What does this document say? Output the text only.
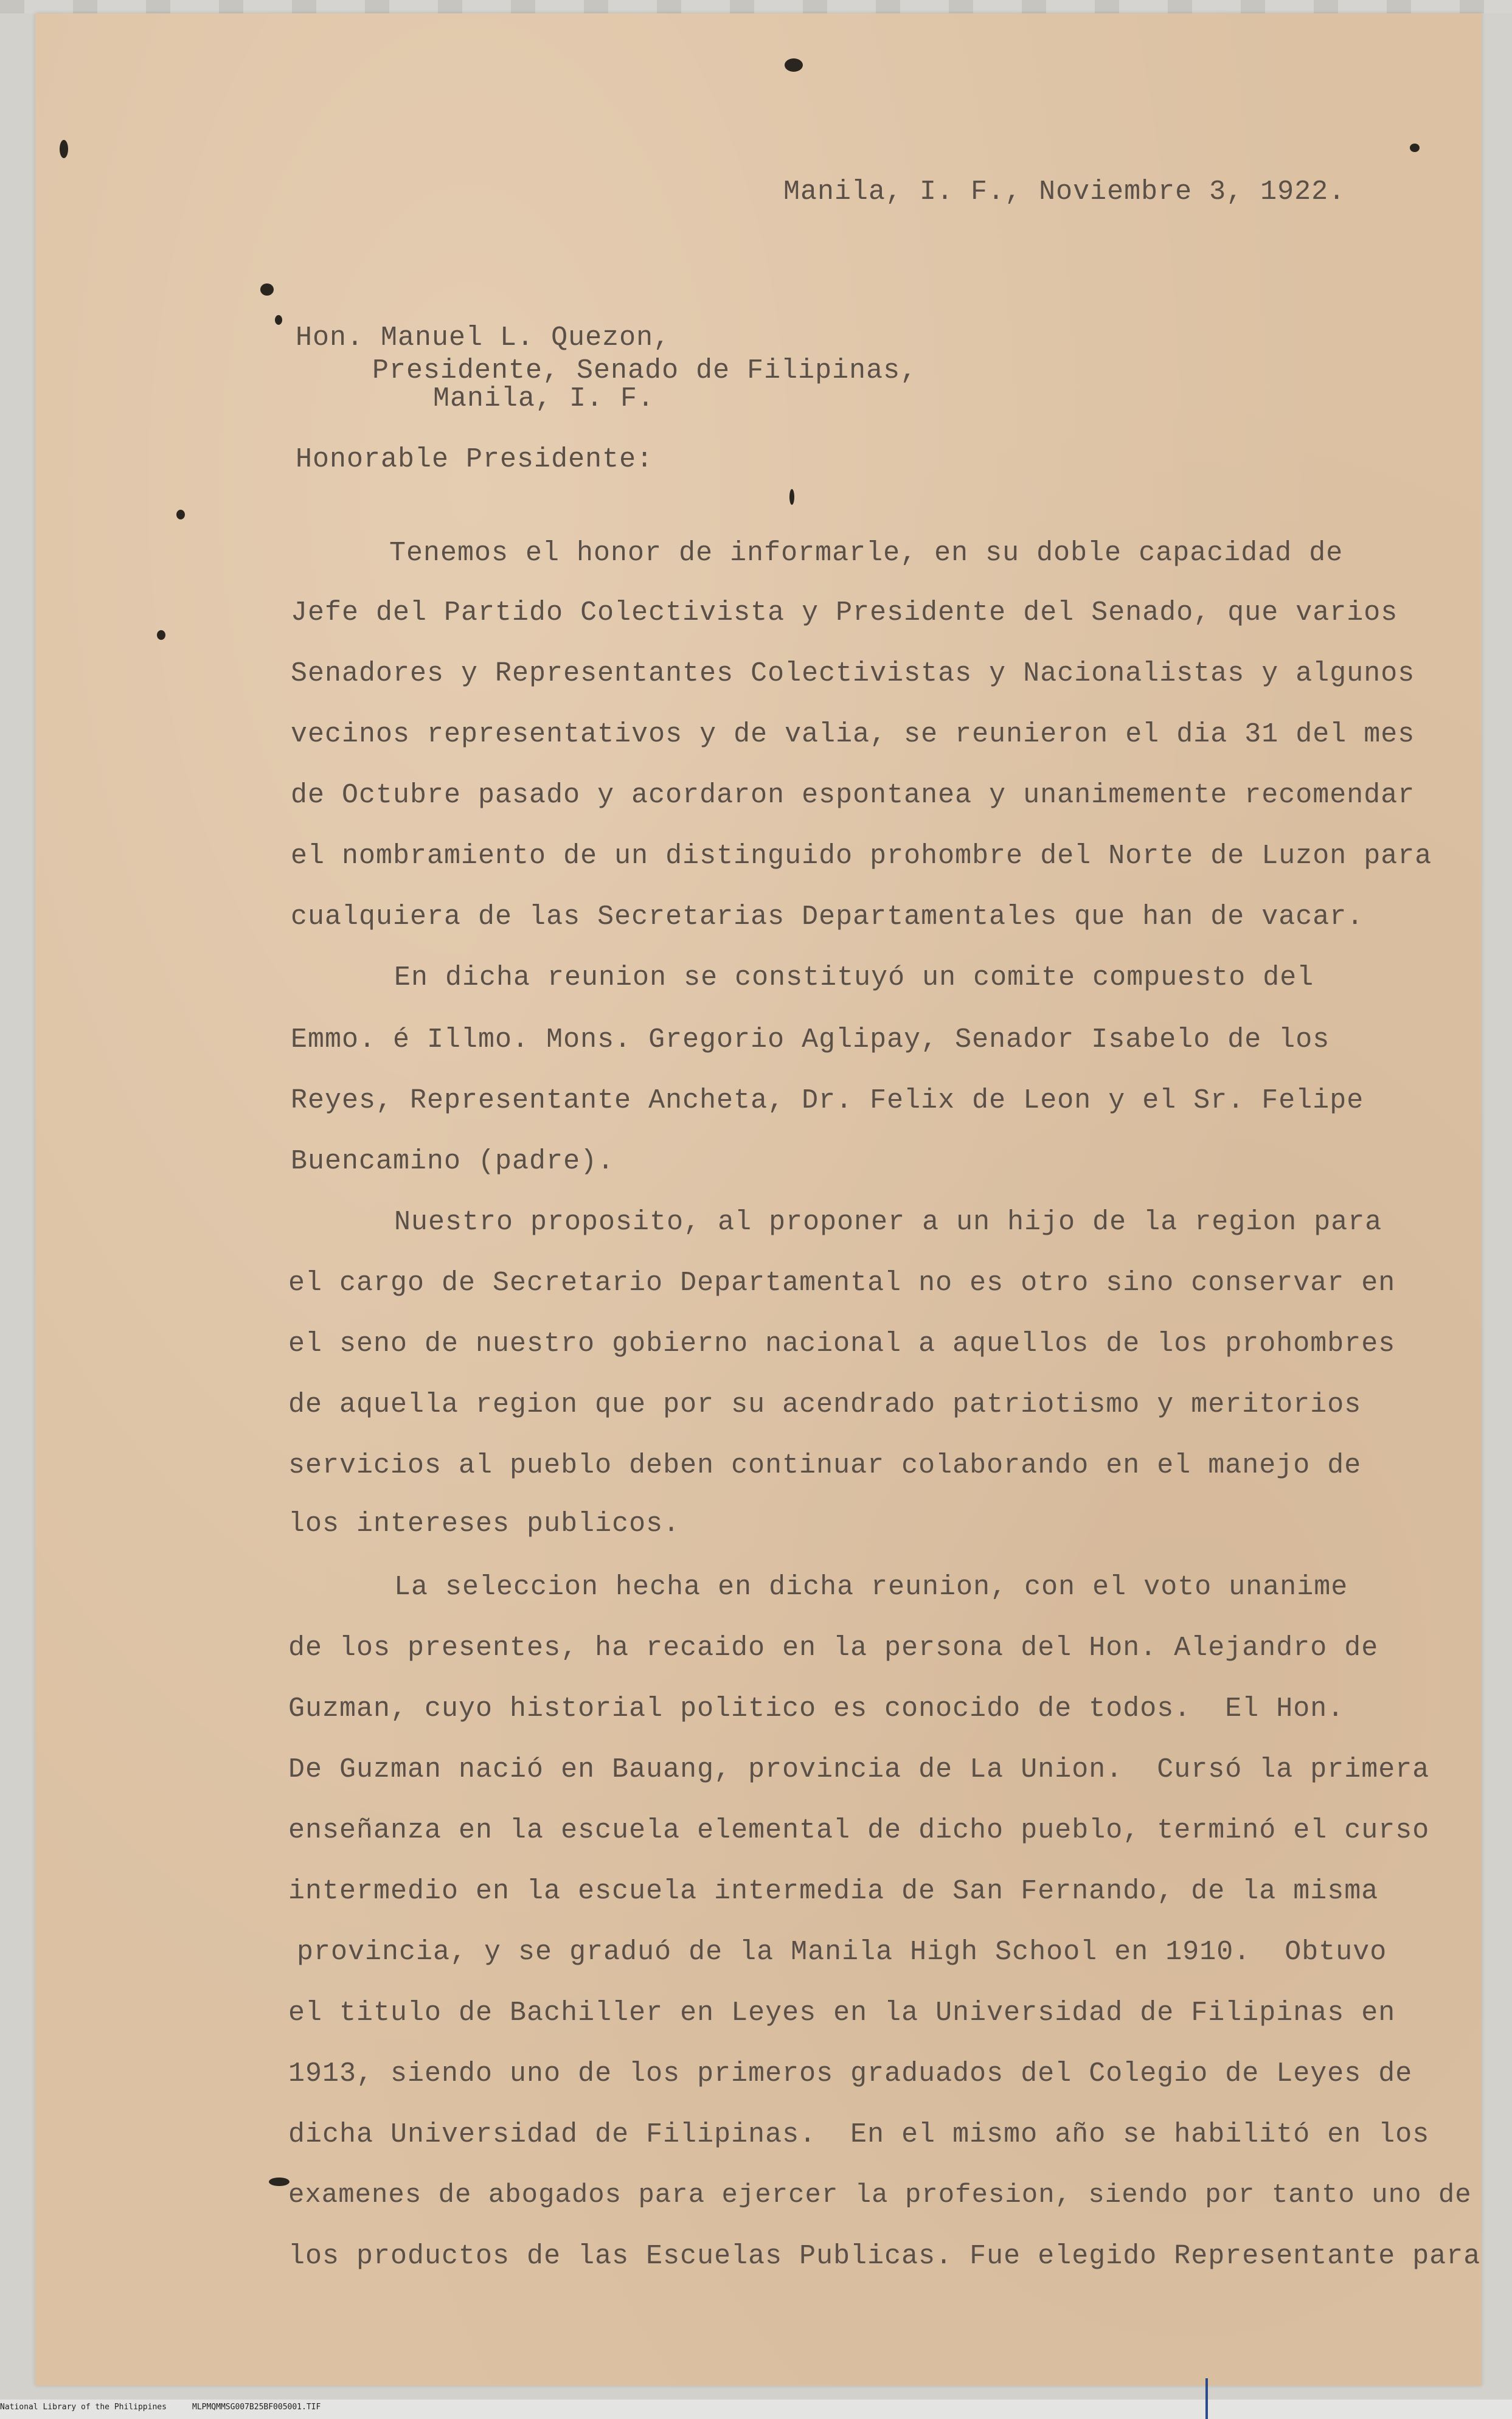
Manila, I. F., Noviembre 3, 1922.
Hon. Manuel L. Quezon,
Presidente, Senado de Filipinas,
Manila, I. F.
Honorable Presidente:
Tenemos el honor de informarle, en su doble capacidad de
Jefe del Partido Colectivista y Presidente del Senado, que varios
Senadores y Representantes Colectivistas y Nacionalistas y algunos
vecinos representativos y de valia, se reunieron el dia 31 del mes
de Octubre pasado y acordaron espontanea y unanimemente recomendar
el nombramiento de un distinguido prohombre del Norte de Luzon para
cualquiera de las Secretarias Departamentales que han de vacar.
En dicha reunion se constituyó un comite compuesto del
Emmo. é Illmo. Mons. Gregorio Aglipay, Senador Isabelo de los
Reyes, Representante Ancheta, Dr. Felix de Leon y el Sr. Felipe
Buencamino (padre).
Nuestro proposito, al proponer a un hijo de la region para
el cargo de Secretario Departamental no es otro sino conservar en
el seno de nuestro gobierno nacional a aquellos de los prohombres
de aquella region que por su acendrado patriotismo y meritorios
servicios al pueblo deben continuar colaborando en el manejo de
los intereses publicos.
La seleccion hecha en dicha reunion, con el voto unanime
de los presentes, ha recaido en la persona del Hon. Alejandro de
Guzman, cuyo historial politico es conocido de todos.  El Hon.
De Guzman nació en Bauang, provincia de La Union.  Cursó la primera
enseñanza en la escuela elemental de dicho pueblo, terminó el curso
intermedio en la escuela intermedia de San Fernando, de la misma
provincia, y se graduó de la Manila High School en 1910.  Obtuvo
el titulo de Bachiller en Leyes en la Universidad de Filipinas en
1913, siendo uno de los primeros graduados del Colegio de Leyes de
dicha Universidad de Filipinas.  En el mismo año se habilitó en los
examenes de abogados para ejercer la profesion, siendo por tanto uno de
los productos de las Escuelas Publicas. Fue elegido Representante para
National Library of the Philippines	MLPMQMMSG007B25BF005001.TIF
